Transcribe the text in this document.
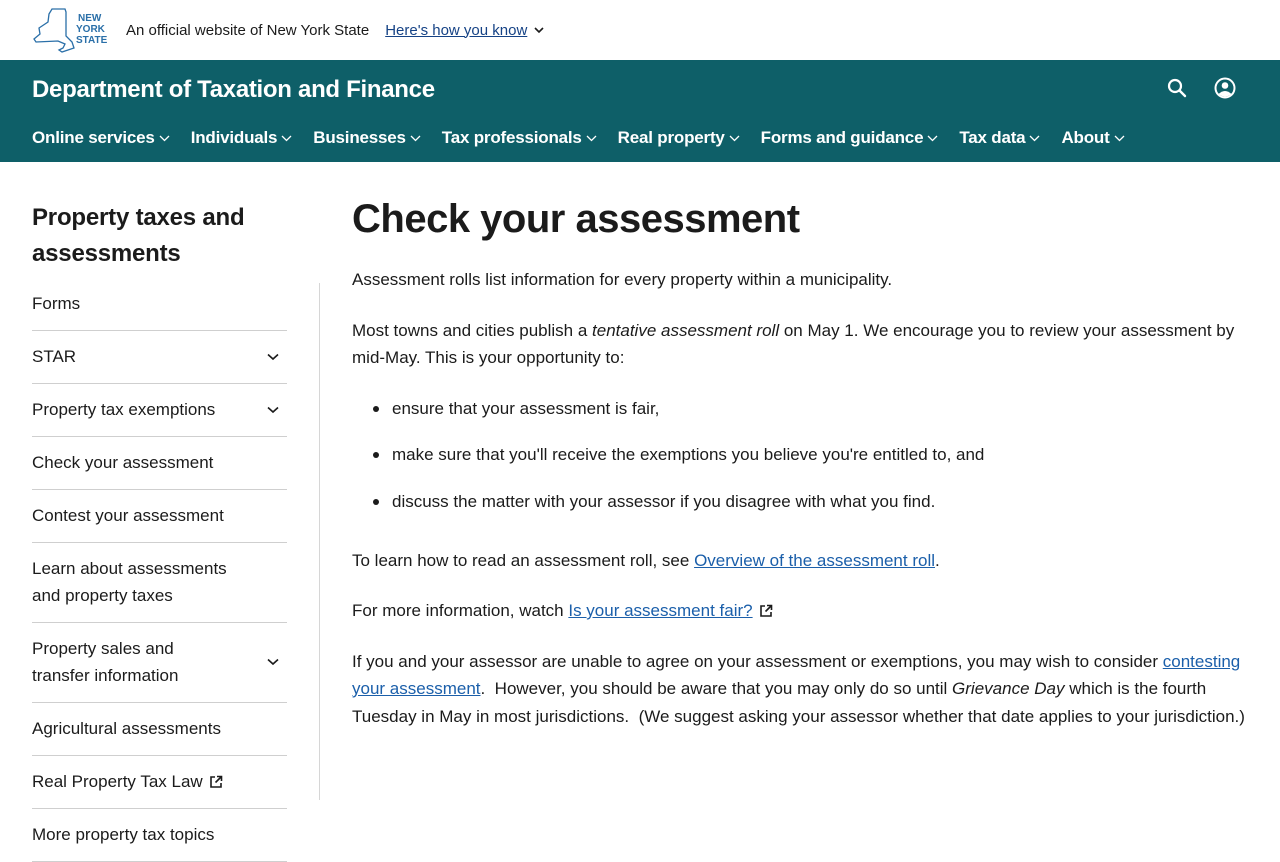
NEW
YORK
STATE
An official website of New York State Here's how you know
Department of Taxation and Finance
Online services Individuals Businesses Tax professionals Real property Forms and guidance Tax data About
Property taxes and assessments
Forms
STAR
Property tax exemptions
Check your assessment
Contest your assessment
Learn about assessments and property taxes
Property sales and transfer information
Agricultural assessments
Real Property Tax Law
More property tax topics
Check your assessment

Assessment rolls list information for every property within a municipality.

Most towns and cities publish a tentative assessment roll on May 1. We encourage you to review your assessment by mid-May. This is your opportunity to:

ensure that your assessment is fair,
make sure that you'll receive the exemptions you believe you're entitled to, and
discuss the matter with your assessor if you disagree with what you find.

To learn how to read an assessment roll, see Overview of the assessment roll.

For more information, watch Is your assessment fair?

If you and your assessor are unable to agree on your assessment or exemptions, you may wish to consider contesting your assessment.  However, you should be aware that you may only do so until Grievance Day which is the fourth Tuesday in May in most jurisdictions.  (We suggest asking your assessor whether that date applies to your jurisdiction.)
